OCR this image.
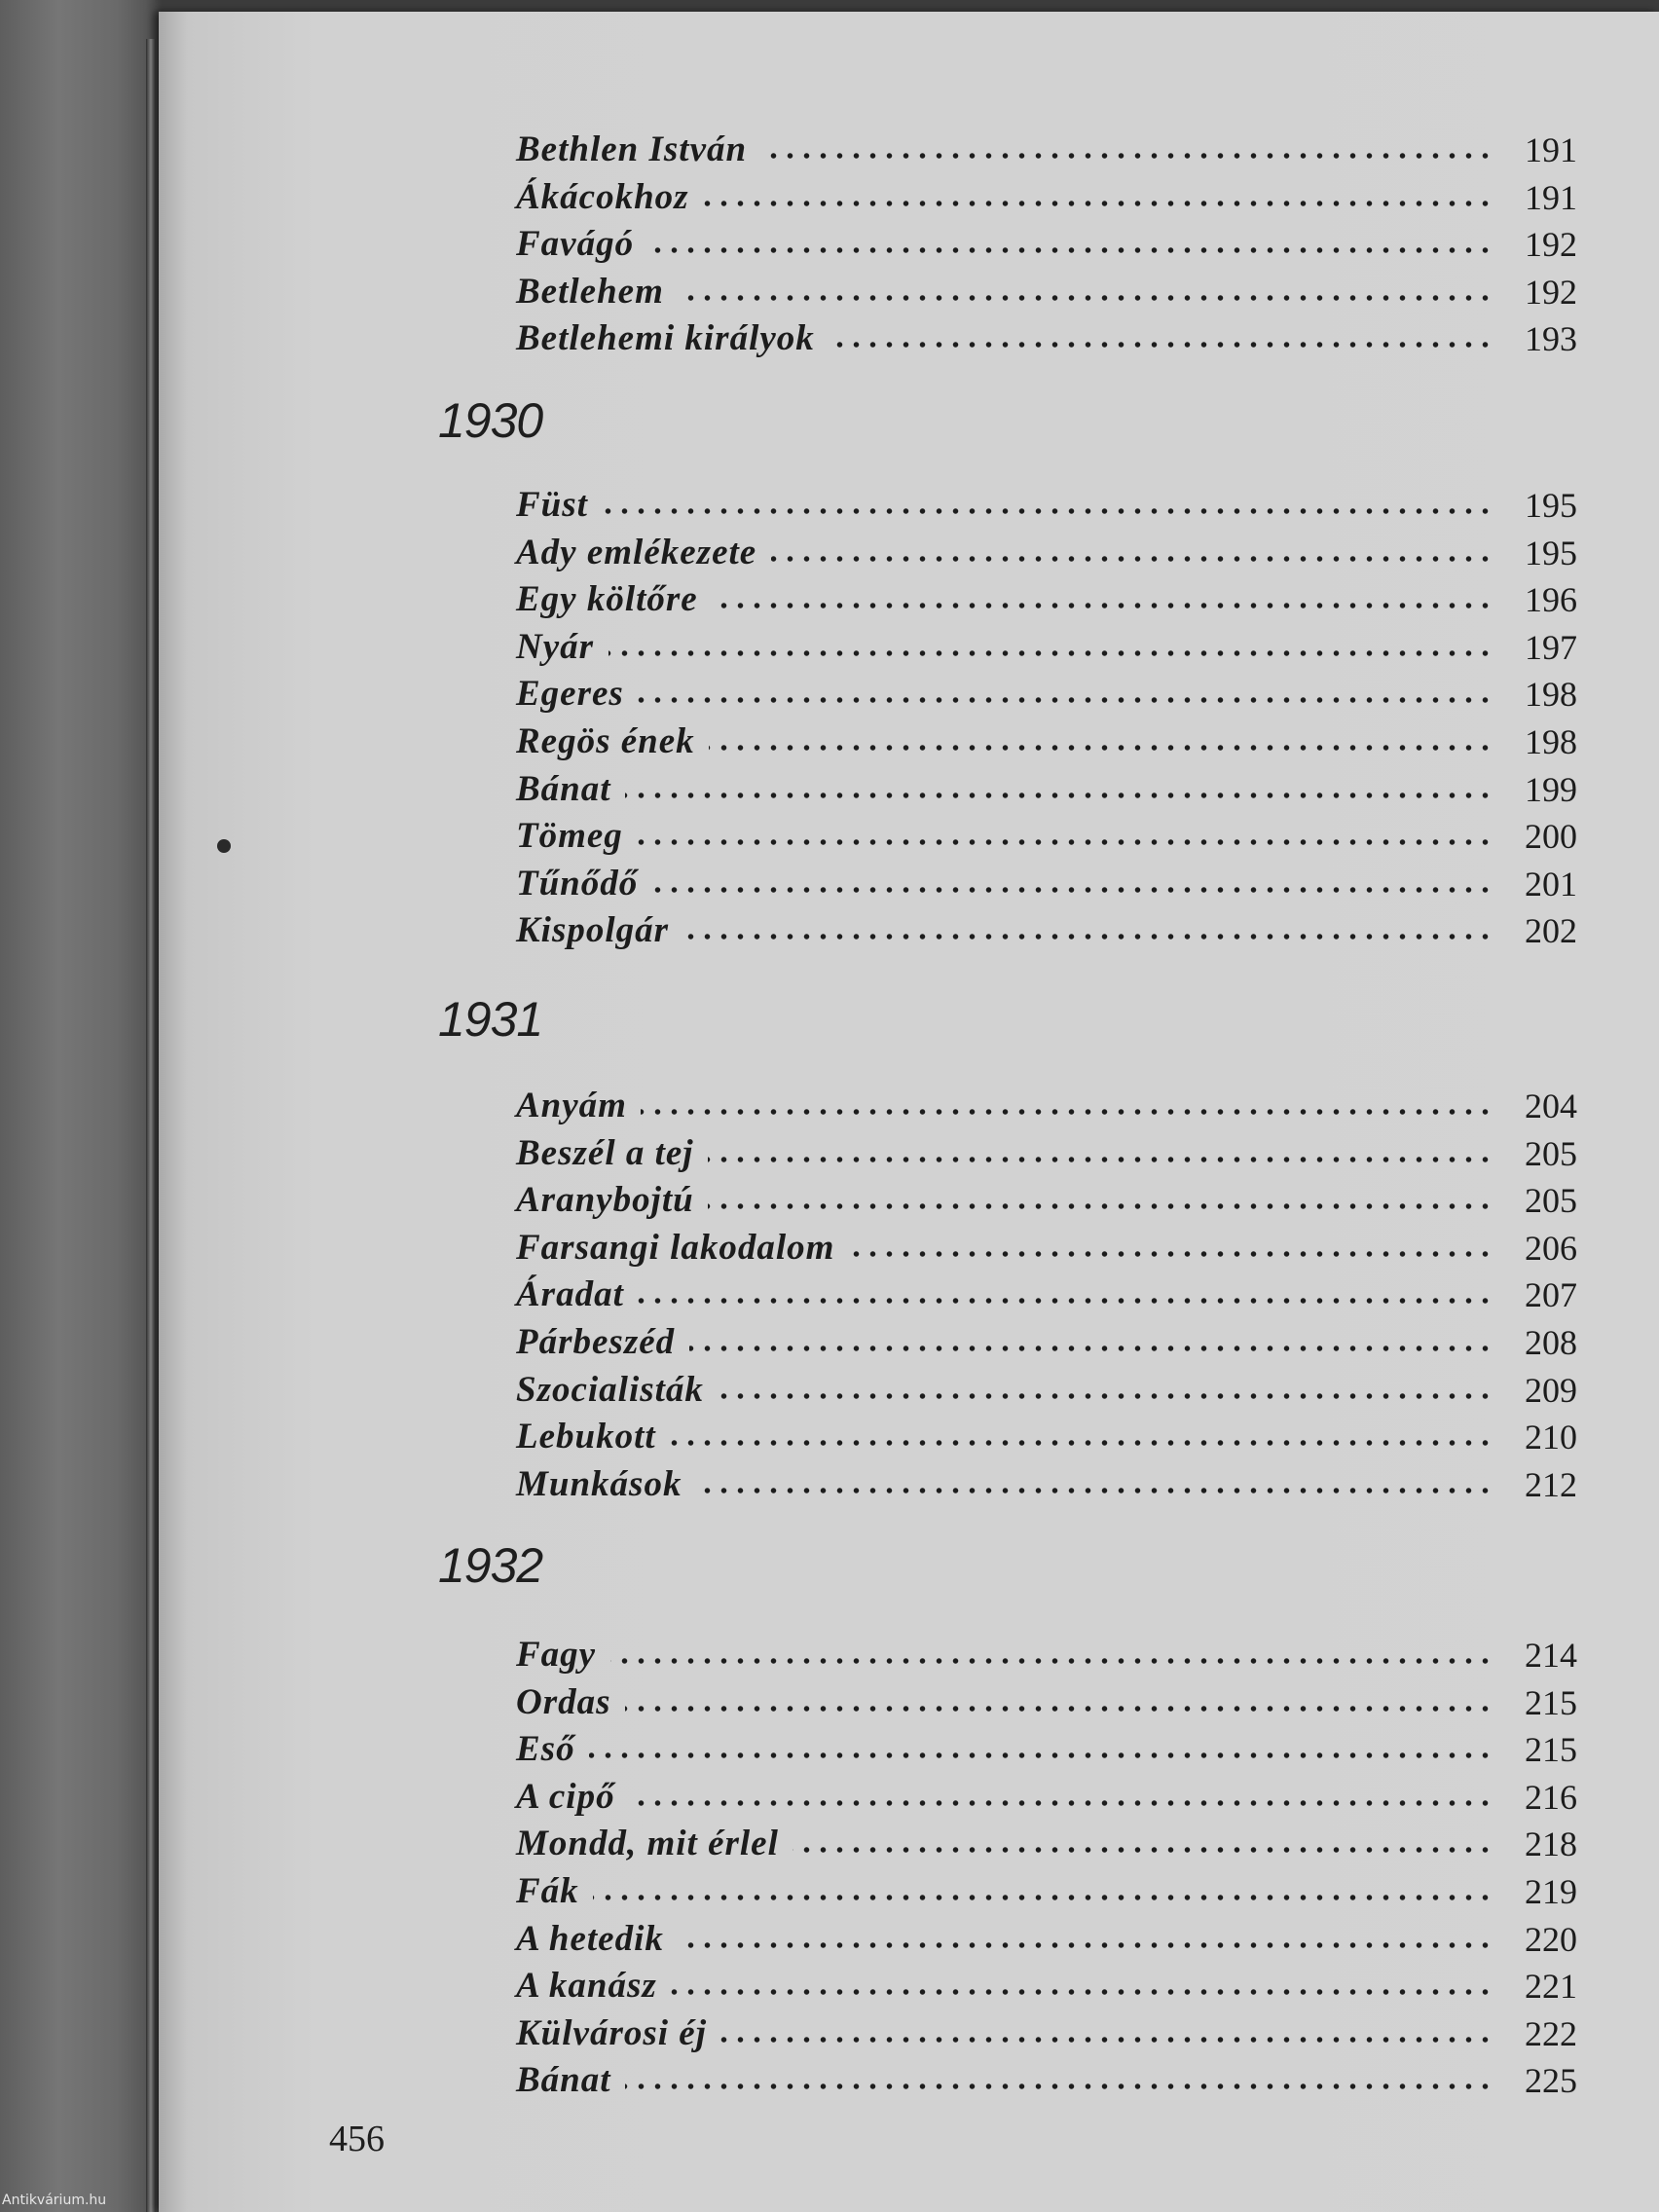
Bethlen István	191
Ákácokhoz	191
Favágó	192
Betlehem	192
Betlehemi királyok	193
1930
Füst	195
Ady emlékezete	195
Egy költőre	196
Nyár	197
Egeres	198
Regös ének	198
Bánat	199
Tömeg	200
Tűnődő	201
Kispolgár	202
1931
Anyám	204
Beszél a tej	205
Aranybojtú	205
Farsangi lakodalom	206
Áradat	207
Párbeszéd	208
Szocialisták	209
Lebukott	210
Munkások	212
1932
Fagy	214
Ordas	215
Eső	215
A cipő	216
Mondd, mit érlel	218
Fák	219
A hetedik	220
A kanász	221
Külvárosi éj	222
Bánat	225
456
Antikvárium.hu
